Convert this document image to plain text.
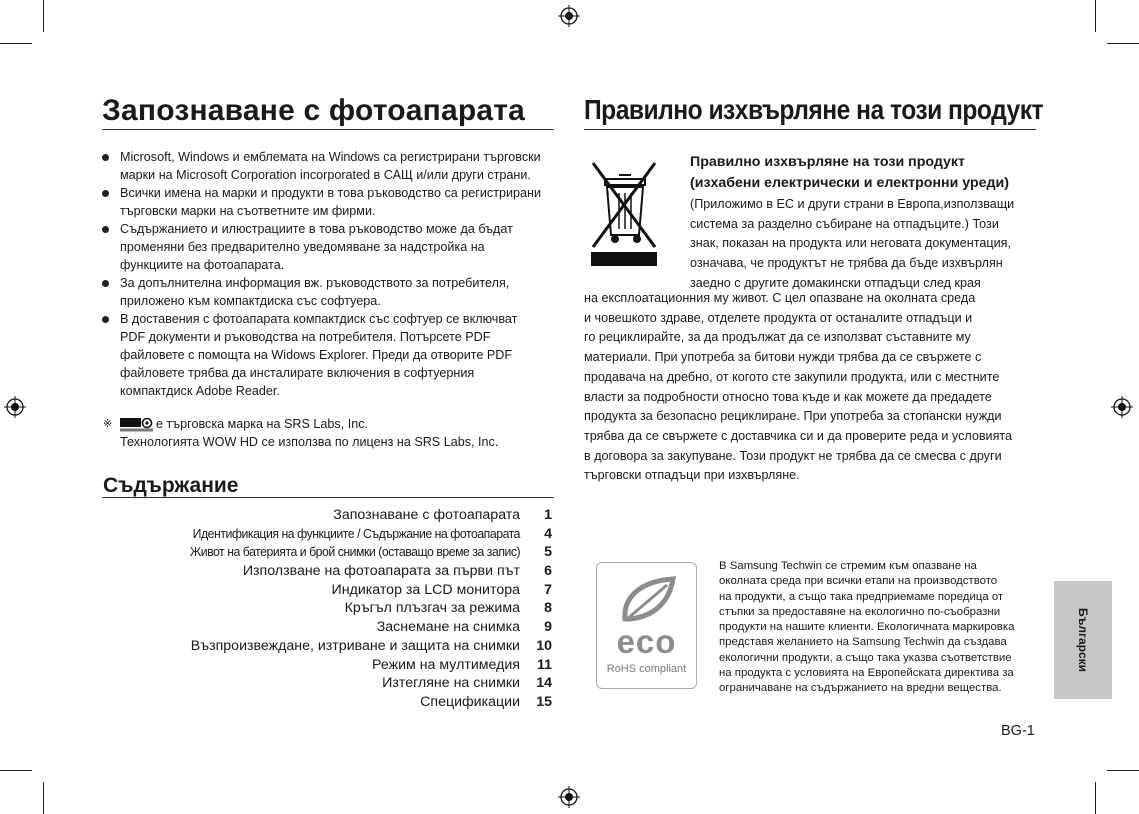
Запознаване с фотоапарата
Microsoft, Windows и емблемата на Windows са регистрирани търговски марки на Microsoft Corporation incorporated в САЩ и/или други страни.
Всички имена на марки и продукти в това ръководство са регистрирани търговски марки на съответните им фирми.
Съдържанието и илюстрациите в това ръководство може да бъдат променяни без предварително уведомяване за надстройка на функциите на фотоапарата.
За допълнителна информация вж. ръководството за потребителя, приложено към компактдиска със софтуера.
В доставения с фотоапарата компактдиск със софтуер се включват PDF документи и ръководства на потребителя. Потърсете PDF файловете с помощта на Widows Explorer. Преди да отворите PDF файловете трябва да инсталирате включения в софтуерния компактдиск Adobe Reader.
※	е търговска марка на SRS Labs, Inc.
Технологията WOW HD се използва по лиценз на SRS Labs, Inc.
Съдържание
Запознаване с фотоапарата	1
Идентификация на функциите / Съдържание на фотоапарата	4
Живот на батерията и брой снимки (оставащо време за запис)	5
Използване на фотоапарата за първи път	6
Индикатор за LCD монитора	7
Кръгъл плъзгач за режима	8
Заснемане на снимка	9
Възпроизвеждане, изтриване и защита на снимки	10
Режим на мултимедия	11
Изтегляне на снимки	14
Спецификации	15
Правилно изхвърляне на този продукт
Правилно изхвърляне на този продукт
(изхабени електрически и електронни уреди)
(Приложимо в ЕС и други страни в Европа,използващи
система за разделно събиране на отпадъците.) Този
знак, показан на продукта или неговата документация,
означава, че продуктът не трябва да бъде изхвърлян
заедно с другите домакински отпадъци след края
на експлоатационния му живот. С цел опазване на околната среда
и човешкото здраве, отделете продукта от останалите отпадъци и
го рециклирайте, за да продължат да се използват съставните му
материали. При употреба за битови нужди трябва да се свържете с
продавача на дребно, от когото сте закупили продукта, или с местните
власти за подробности относно това къде и как можете да предадете
продукта за безопасно рециклиране. При употреба за стопански нужди
трябва да се свържете с доставчика си и да проверите реда и условията
в договора за закупуване. Този продукт не трябва да се смесва с други
търговски отпадъци при изхвърляне.
eco
RoHS compliant
В Samsung Techwin се стремим към опазване на
околната среда при всички етапи на производството
на продукти, а също така предприемаме поредица от
стъпки за предоставяне на екологично по-съобразни
продукти на нашите клиенти. Екологичната маркировка
представя желанието на Samsung Techwin да създава
екологични продукти, а също така указва съответствие
на продукта с условията на Европейската директива за
ограничаване на съдържанието на вредни вещества.
Български
BG-1
